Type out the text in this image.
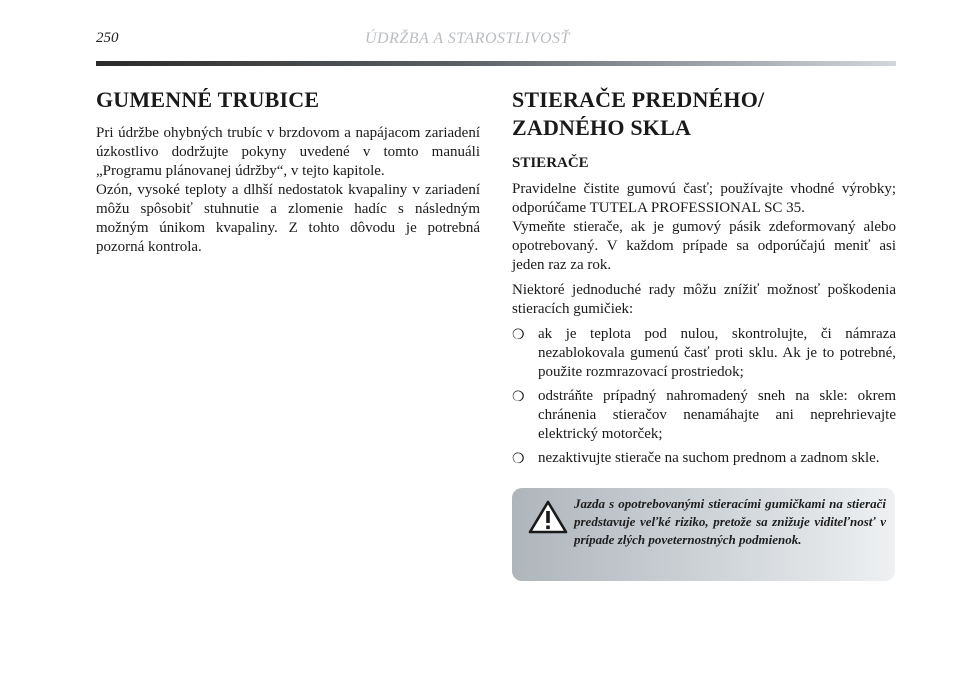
250	ÚDRŽBA A STAROSTLIVOSŤ
GUMENNÉ TRUBICE

Pri údržbe ohybných trubíc v brzdovom a napájacom zariadení úzkostlivo dodržujte pokyny uvedené v tomto manuáli „Programu plánovanej údržby“, v tejto kapitole.

Ozón, vysoké teploty a dlhší nedostatok kvapaliny v zariadení môžu spôsobiť stuhnutie a zlomenie hadíc s následným možným únikom kvapaliny. Z tohto dôvodu je potrebná pozorná kontrola.

STIERAČE PREDNÉHO/
ZADNÉHO SKLA
STIERAČE

Pravidelne čistite gumovú časť; používajte vhodné výrobky; odporúčame TUTELA PROFESSIONAL SC 35.

Vymeňte stierače, ak je gumový pásik zdeformovaný alebo opotrebovaný. V každom prípade sa odporúčajú meniť asi jeden raz za rok.

Niektoré jednoduché rady môžu znížiť možnosť poškodenia stieracích gumičiek:

❍ ak je teplota pod nulou, skontrolujte, či námraza nezablokovala gumenú časť proti sklu. Ak je to potrebné, použite rozmrazovací prostriedok;
❍ odstráňte prípadný nahromadený sneh na skle: okrem chránenia stieračov nenamáhajte ani neprehrievajte elektrický motorček;
❍ nezaktivujte stierače na suchom prednom a zadnom skle.
Jazda s opotrebovanými stieracími gumičkami na stierači predstavuje veľké riziko, pretože sa znižuje viditeľnosť v prípade zlých poveternostných podmienok.
